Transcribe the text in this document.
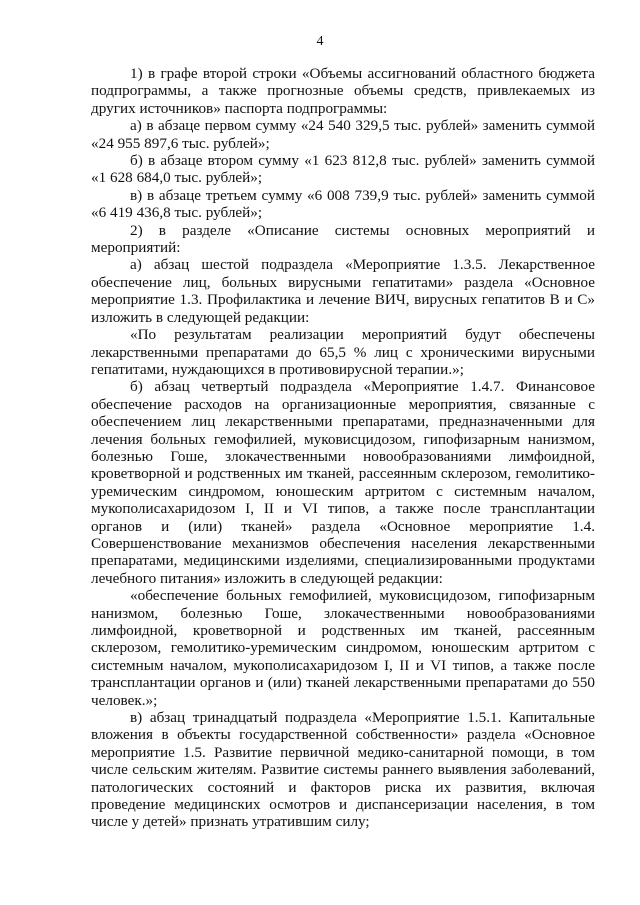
4

1) в графе второй строки «Объемы ассигнований областного бюджета подпрограммы, а также прогнозные объемы средств, привлекаемых из других источников» паспорта подпрограммы:

а) в абзаце первом сумму «24 540 329,5 тыс. рублей» заменить суммой «24 955 897,6 тыс. рублей»;

б) в абзаце втором сумму «1 623 812,8 тыс. рублей» заменить суммой «1 628 684,0 тыс. рублей»;

в) в абзаце третьем сумму «6 008 739,9 тыс. рублей» заменить суммой «6 419 436,8 тыс. рублей»;

2) в разделе «Описание системы основных мероприятий и мероприятий:

а) абзац шестой подраздела «Мероприятие 1.3.5. Лекарственное обеспечение лиц, больных вирусными гепатитами» раздела «Основное мероприятие 1.3. Профилактика и лечение ВИЧ, вирусных гепатитов В и С» изложить в следующей редакции:

«По результатам реализации мероприятий будут обеспечены лекарственными препаратами до 65,5 % лиц с хроническими вирусными гепатитами, нуждающихся в противовирусной терапии.»;

б) абзац четвертый подраздела «Мероприятие 1.4.7. Финансовое обеспечение расходов на организационные мероприятия, связанные с обеспечением лиц лекарственными препаратами, предназначенными для лечения больных гемофилией, муковисцидозом, гипофизарным нанизмом, болезнью Гоше, злокачественными новообразованиями лимфоидной, кроветворной и родственных им тканей, рассеянным склерозом, гемолитико-уремическим синдромом, юношеским артритом с системным началом, мукополисахаридозом I, II и VI типов, а также после трансплантации органов и (или) тканей» раздела «Основное мероприятие 1.4. Совершенствование механизмов обеспечения населения лекарственными препаратами, медицинскими изделиями, специализированными продуктами лечебного питания» изложить в следующей редакции:

«обеспечение больных гемофилией, муковисцидозом, гипофизарным нанизмом, болезнью Гоше, злокачественными новообразованиями лимфоидной, кроветворной и родственных им тканей, рассеянным склерозом, гемолитико-уремическим синдромом, юношеским артритом с системным началом, мукополисахаридозом I, II и VI типов, а также после трансплантации органов и (или) тканей лекарственными препаратами до 550 человек.»;

в) абзац тринадцатый подраздела «Мероприятие 1.5.1. Капитальные вложения в объекты государственной собственности» раздела «Основное мероприятие 1.5. Развитие первичной медико-санитарной помощи, в том числе сельским жителям. Развитие системы раннего выявления заболеваний, патологических состояний и факторов риска их развития, включая проведение медицинских осмотров и диспансеризации населения, в том числе у детей» признать утратившим силу;
